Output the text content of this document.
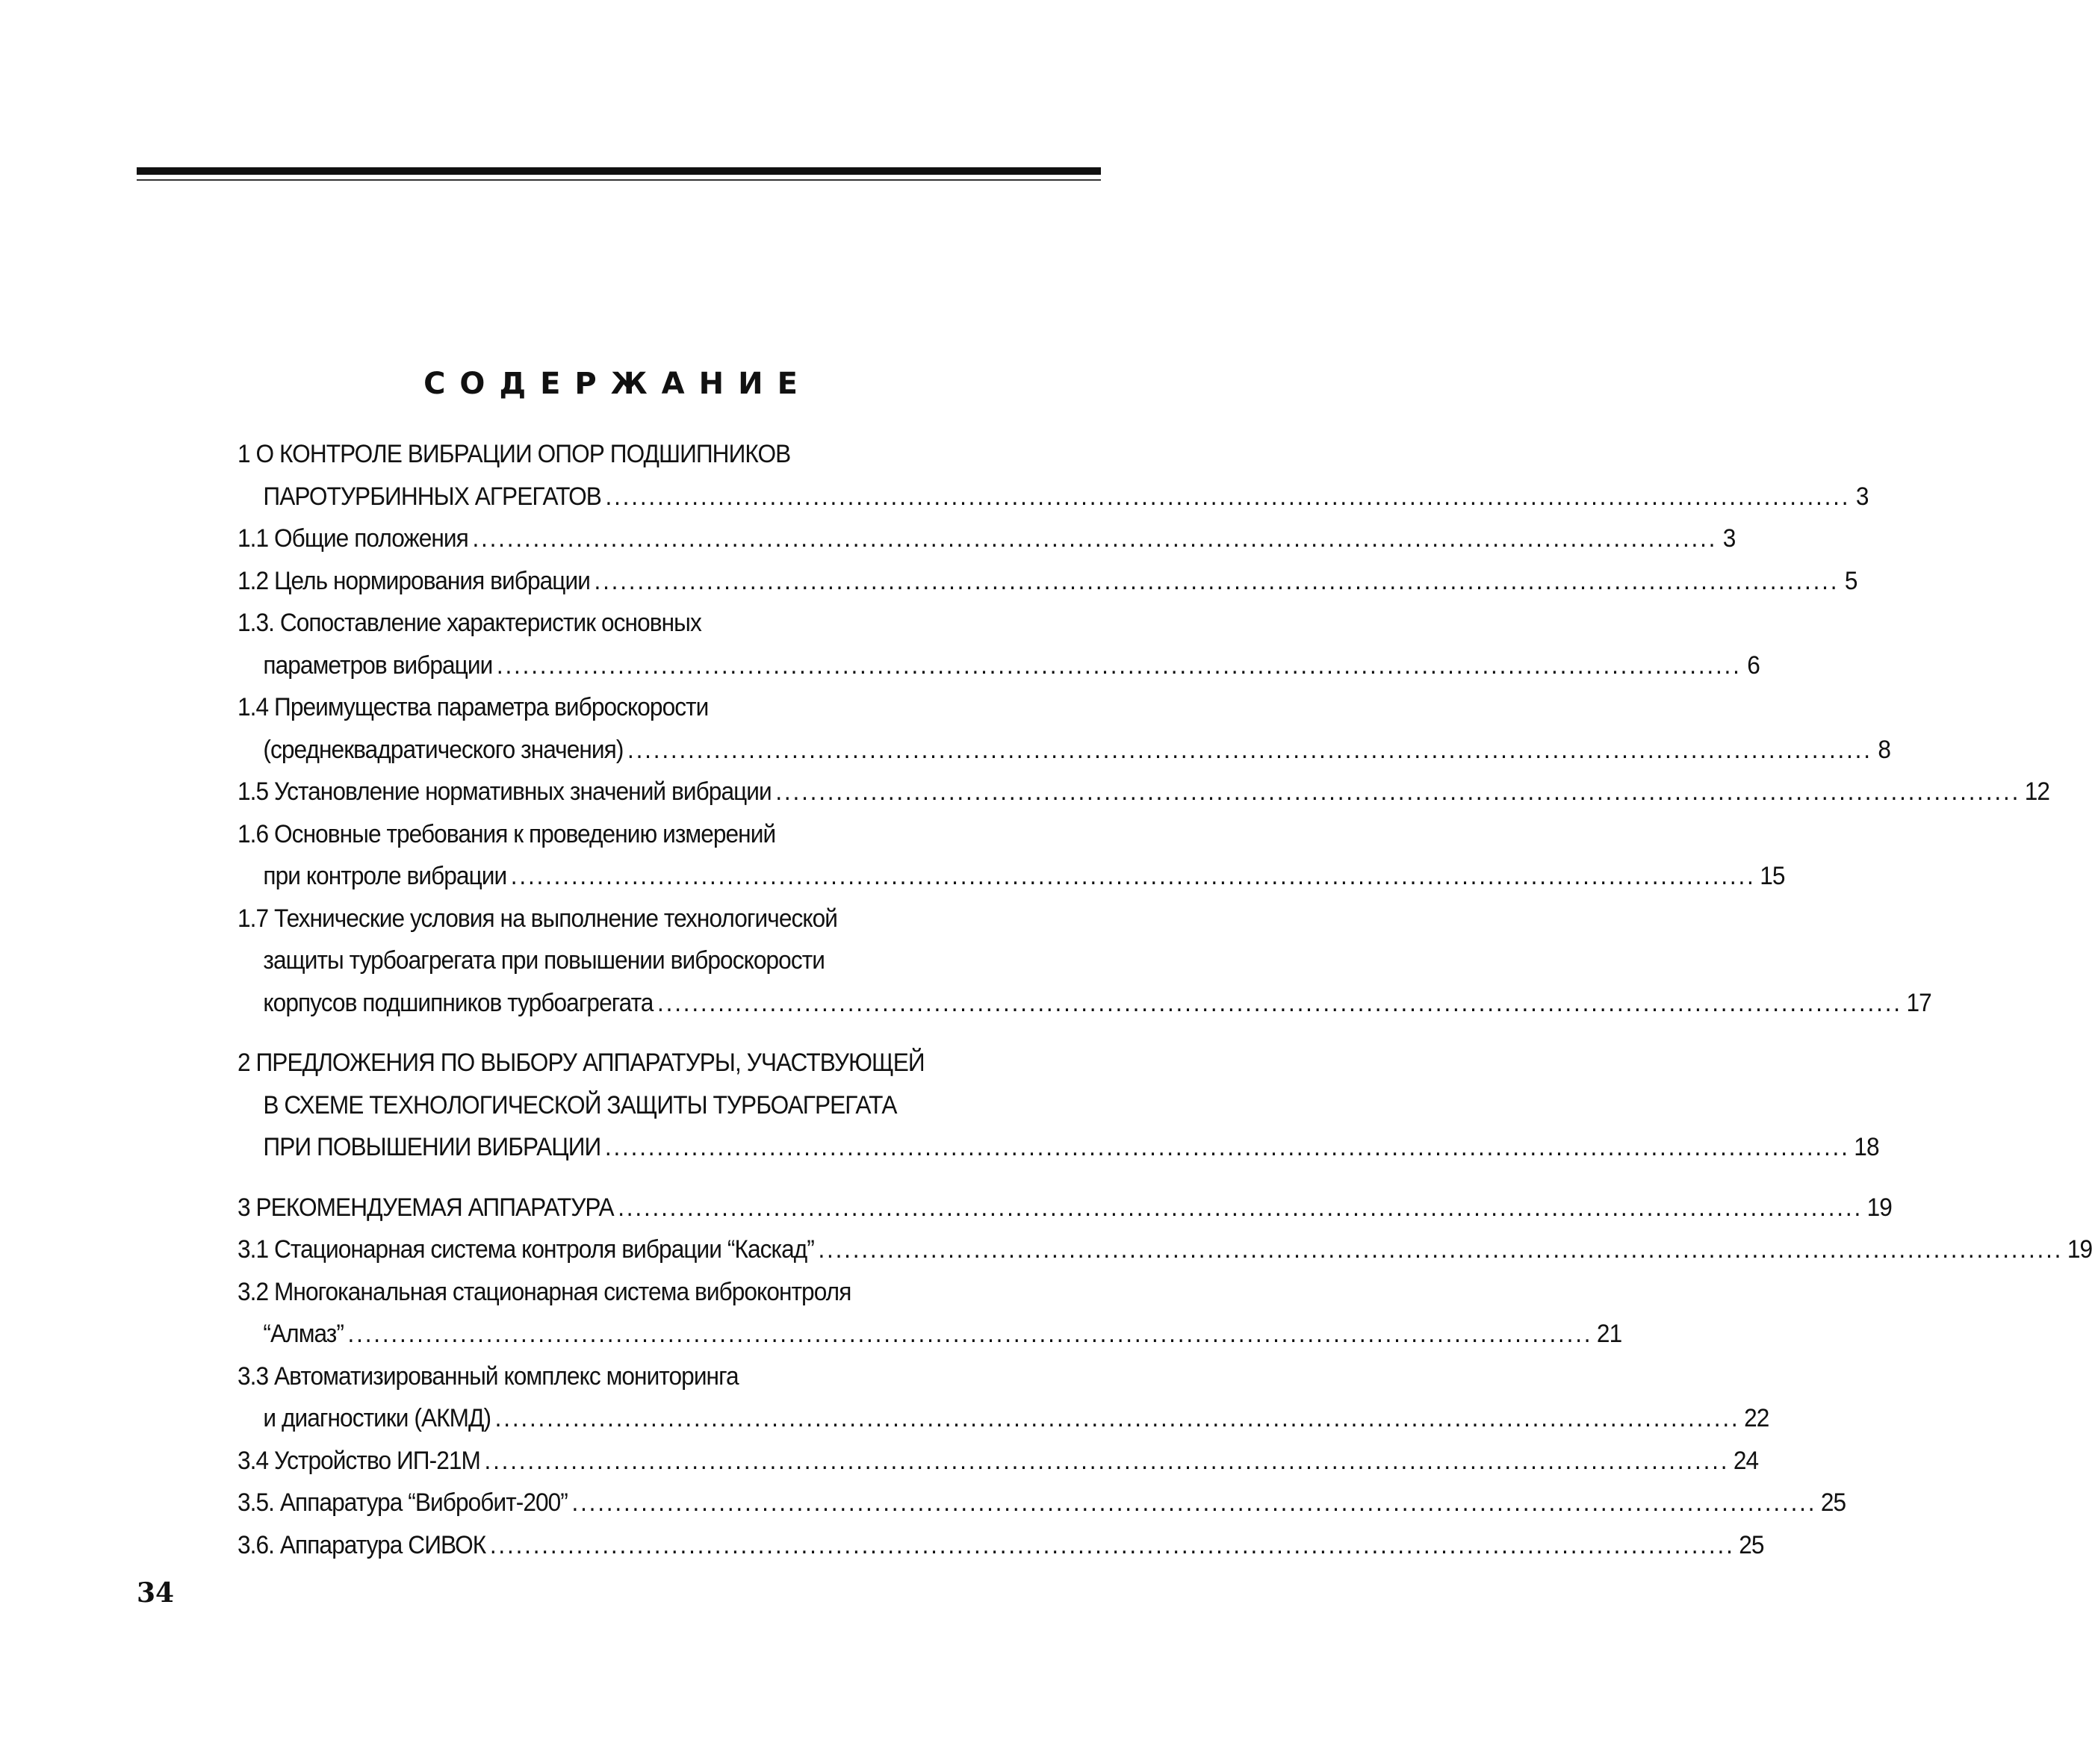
СОДЕРЖАНИЕ
1 О КОНТРОЛЕ ВИБРАЦИИ ОПОР ПОДШИПНИКОВ
ПАРОТУРБИННЫХ АГРЕГАТОВ ................................................................................................................................................ 3
1.1 Общие положения ................................................................................................................................................ 3
1.2 Цель нормирования вибрации ................................................................................................................................................ 5
1.3. Сопоставление характеристик основных
параметров вибрации ................................................................................................................................................ 6
1.4 Преимущества параметра виброскорости
(среднеквадратического значения) ................................................................................................................................................ 8
1.5 Установление нормативных значений вибрации ................................................................................................................................................ 12
1.6 Основные требования к проведению измерений
при контроле вибрации ................................................................................................................................................ 15
1.7 Технические условия на выполнение технологической
защиты турбоагрегата при повышении виброскорости
корпусов подшипников турбоагрегата ................................................................................................................................................ 17
2 ПРЕДЛОЖЕНИЯ ПО ВЫБОРУ АППАРАТУРЫ, УЧАСТВУЮЩЕЙ
В СХЕМЕ ТЕХНОЛОГИЧЕСКОЙ ЗАЩИТЫ ТУРБОАГРЕГАТА
ПРИ ПОВЫШЕНИИ ВИБРАЦИИ ................................................................................................................................................ 18
3 РЕКОМЕНДУЕМАЯ АППАРАТУРА ................................................................................................................................................ 19
3.1 Стационарная система контроля вибрации “Каскад” ................................................................................................................................................ 19
3.2 Многоканальная стационарная система виброконтроля
“Алмаз” ................................................................................................................................................ 21
3.3 Автоматизированный комплекс мониторинга
и диагностики (АКМД) ................................................................................................................................................ 22
3.4 Устройство ИП-21М ................................................................................................................................................ 24
3.5. Аппаратура “Вибробит-200” ................................................................................................................................................ 25
3.6. Аппаратура СИВОК ................................................................................................................................................ 25
34
